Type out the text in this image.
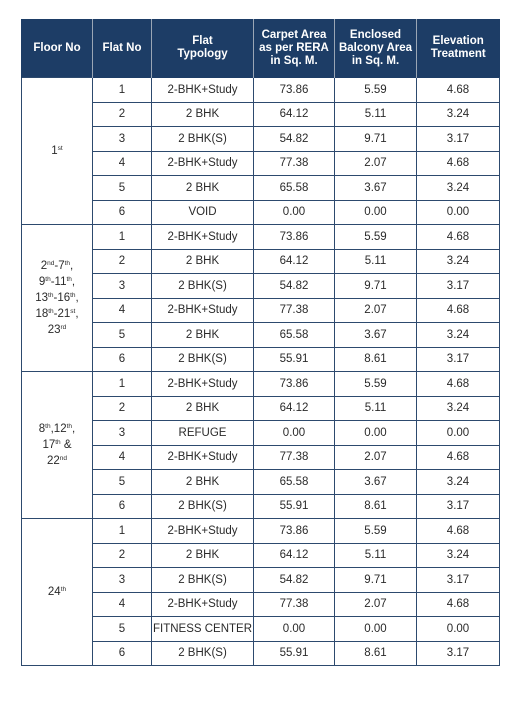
Floor No	Flat No	Flat Typology	Carpet Area as per RERA in Sq. M.	Enclosed Balcony Area in Sq. M.	Elevation Treatment
1st	1	2-BHK+Study	73.86	5.59	4.68
	2	2 BHK	64.12	5.11	3.24
	3	2 BHK(S)	54.82	9.71	3.17
	4	2-BHK+Study	77.38	2.07	4.68
	5	2 BHK	65.58	3.67	3.24
	6	VOID	0.00	0.00	0.00
2nd-7th,
9th-11th,
13th-16th,
18th-21st,
23rd	1	2-BHK+Study	73.86	5.59	4.68
	2	2 BHK	64.12	5.11	3.24
	3	2 BHK(S)	54.82	9.71	3.17
	4	2-BHK+Study	77.38	2.07	4.68
	5	2 BHK	65.58	3.67	3.24
	6	2 BHK(S)	55.91	8.61	3.17
8th,12th,
17th &
22nd	1	2-BHK+Study	73.86	5.59	4.68
	2	2 BHK	64.12	5.11	3.24
	3	REFUGE	0.00	0.00	0.00
	4	2-BHK+Study	77.38	2.07	4.68
	5	2 BHK	65.58	3.67	3.24
	6	2 BHK(S)	55.91	8.61	3.17
24th	1	2-BHK+Study	73.86	5.59	4.68
	2	2 BHK	64.12	5.11	3.24
	3	2 BHK(S)	54.82	9.71	3.17
	4	2-BHK+Study	77.38	2.07	4.68
	5	FITNESS CENTER	0.00	0.00	0.00
	6	2 BHK(S)	55.91	8.61	3.17
